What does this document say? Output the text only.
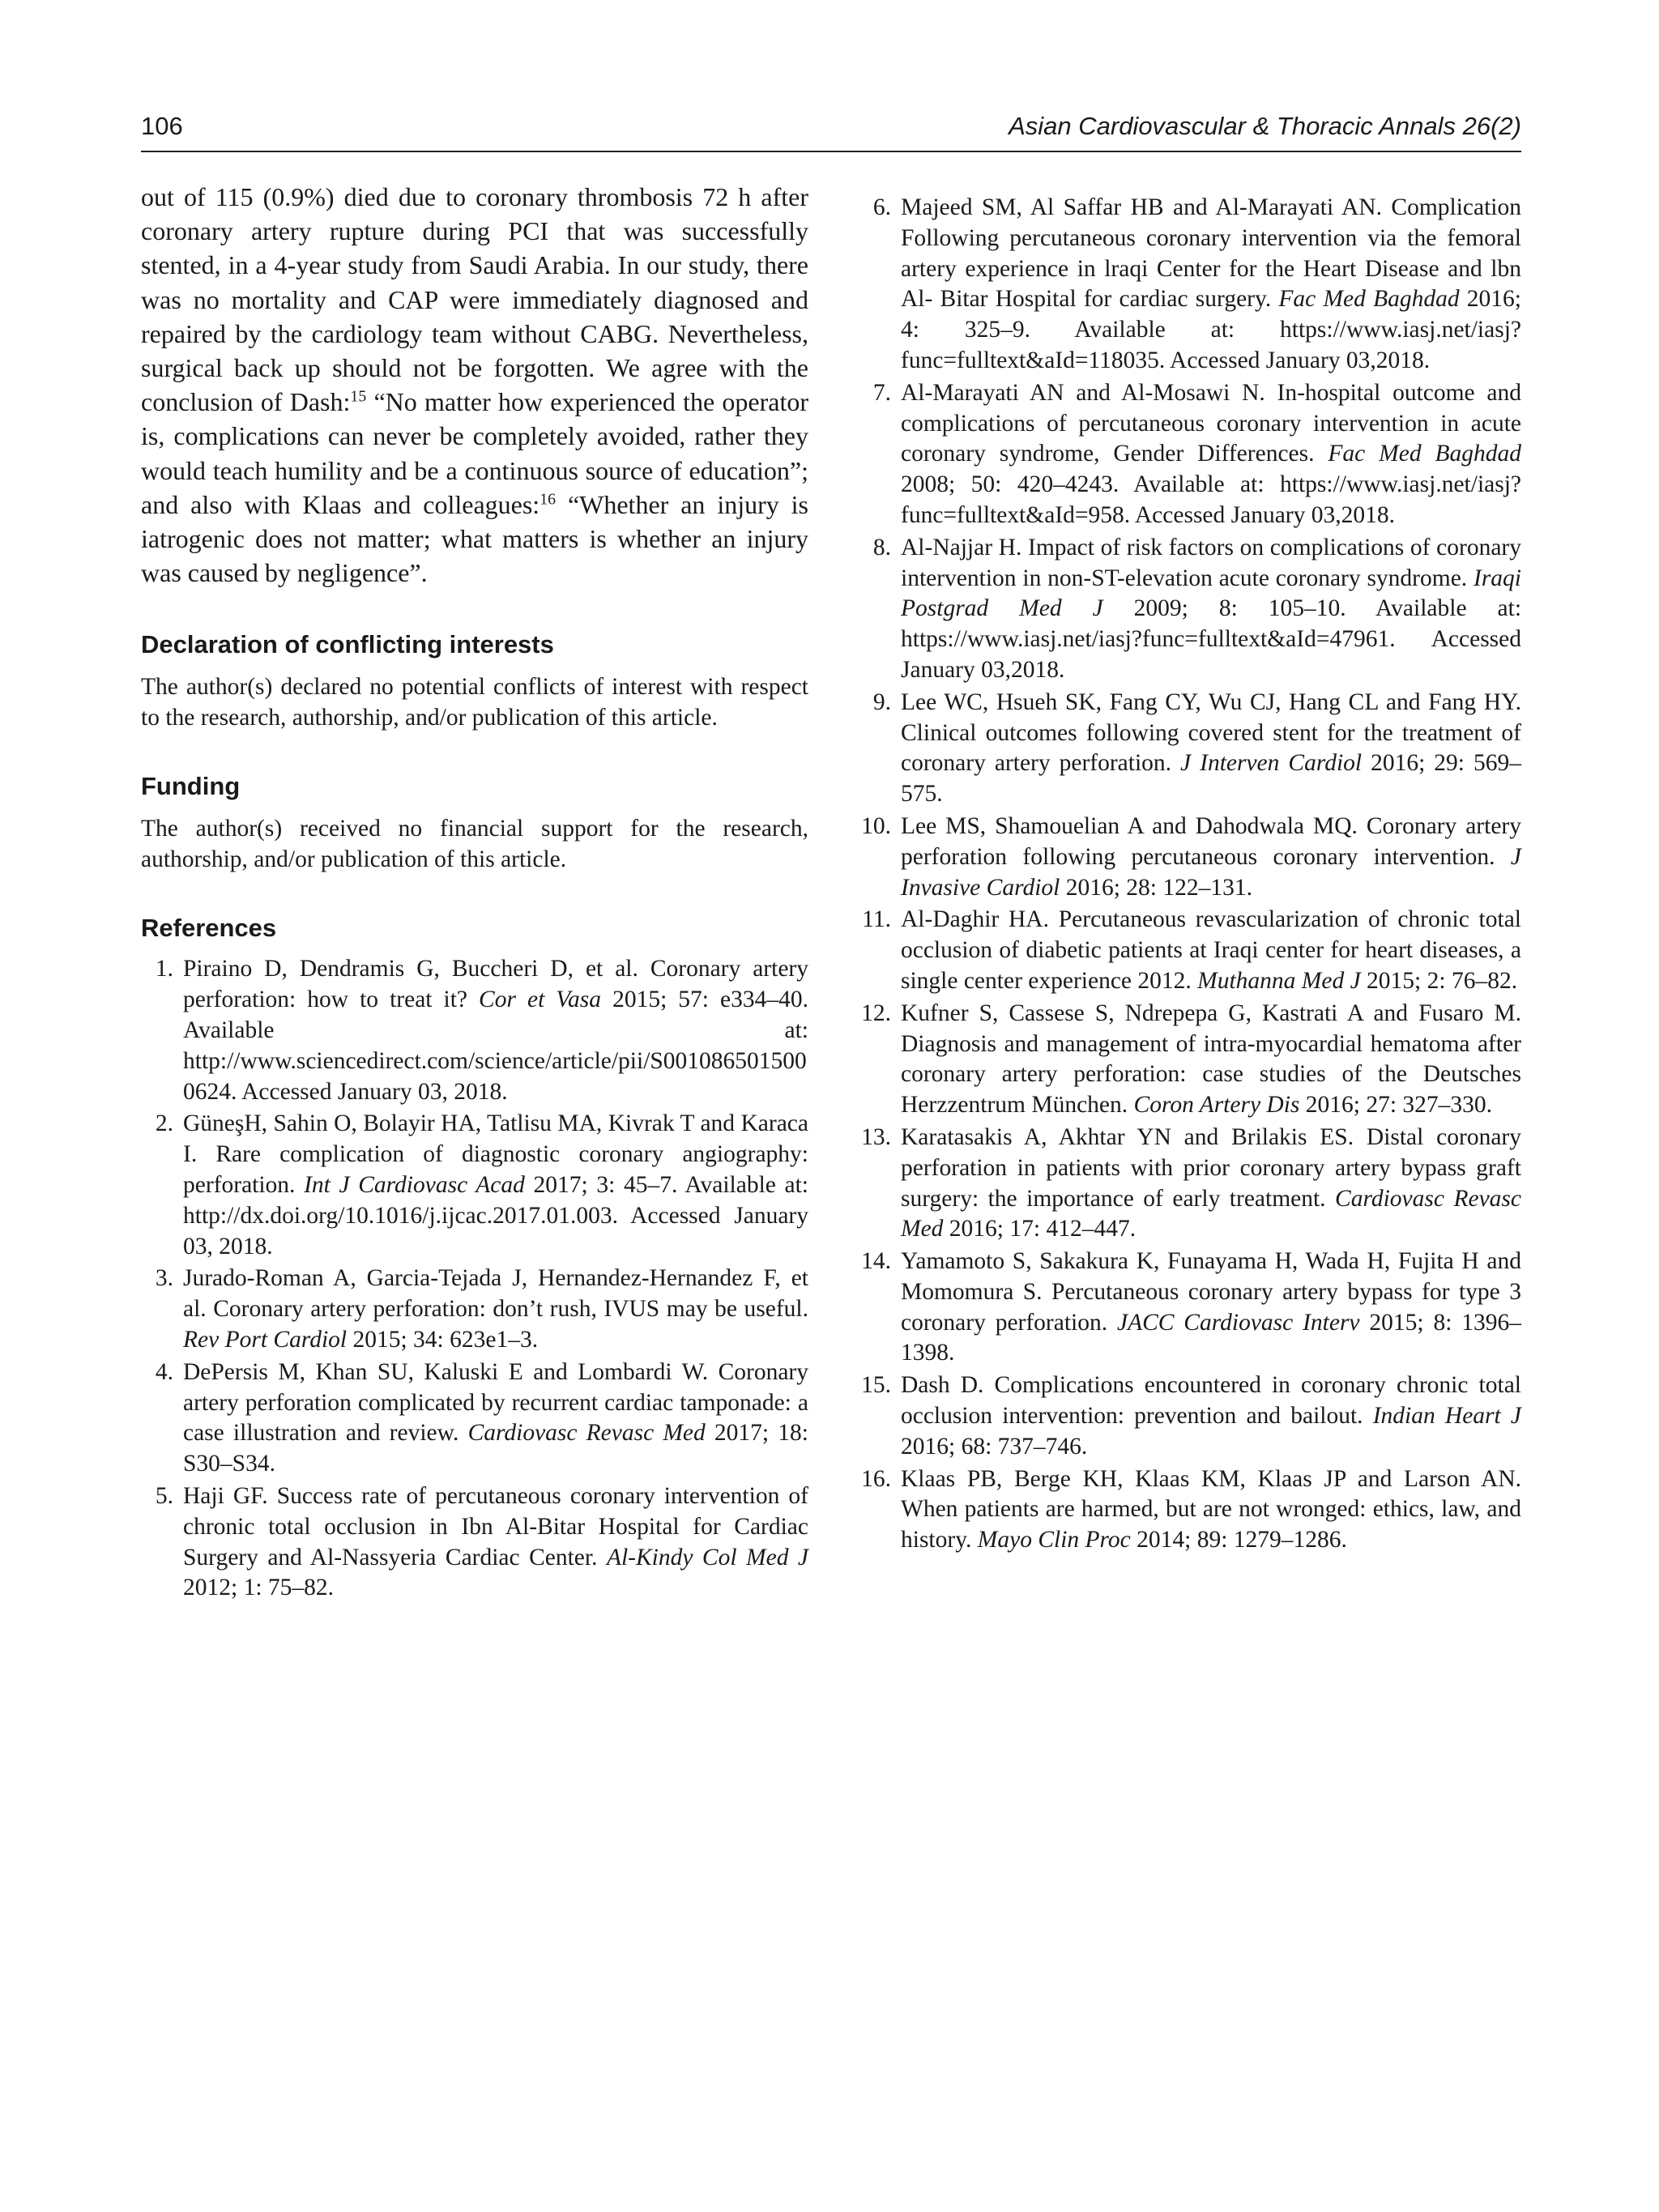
106	Asian Cardiovascular & Thoracic Annals 26(2)

out of 115 (0.9%) died due to coronary thrombosis 72 h after coronary artery rupture during PCI that was successfully stented, in a 4-year study from Saudi Arabia. In our study, there was no mortality and CAP were immediately diagnosed and repaired by the cardiology team without CABG. Nevertheless, surgical back up should not be forgotten. We agree with the conclusion of Dash:$^{15}$ “No matter how experienced the operator is, complications can never be completely avoided, rather they would teach humility and be a continuous source of education”; and also with Klaas and colleagues:$^{16}$ “Whether an injury is iatrogenic does not matter; what matters is whether an injury was caused by negligence”.

Declaration of conflicting interests

The author(s) declared no potential conflicts of interest with respect to the research, authorship, and/or publication of this article.

Funding

The author(s) received no financial support for the research, authorship, and/or publication of this article.

References
1. Piraino D, Dendramis G, Buccheri D, et al. Coronary artery perforation: how to treat it? Cor et Vasa 2015; 57: e334–40. Available at: http://www.sciencedirect.com/science/article/pii/S0010865015000624. Accessed January 03, 2018.
2. GüneşH, Sahin O, Bolayir HA, Tatlisu MA, Kivrak T and Karaca I. Rare complication of diagnostic coronary angiography: perforation. Int J Cardiovasc Acad 2017; 3: 45–7. Available at: http://dx.doi.org/10.1016/j.ijcac.2017.01.003. Accessed January 03, 2018.
3. Jurado-Roman A, Garcia-Tejada J, Hernandez-Hernandez F, et al. Coronary artery perforation: don’t rush, IVUS may be useful. Rev Port Cardiol 2015; 34: 623e1–3.
4. DePersis M, Khan SU, Kaluski E and Lombardi W. Coronary artery perforation complicated by recurrent cardiac tamponade: a case illustration and review. Cardiovasc Revasc Med 2017; 18: S30–S34.
5. Haji GF. Success rate of percutaneous coronary intervention of chronic total occlusion in Ibn Al-Bitar Hospital for Cardiac Surgery and Al-Nassyeria Cardiac Center. Al-Kindy Col Med J 2012; 1: 75–82.
6. Majeed SM, Al Saffar HB and Al-Marayati AN. Complication Following percutaneous coronary intervention via the femoral artery experience in lraqi Center for the Heart Disease and lbn Al- Bitar Hospital for cardiac surgery. Fac Med Baghdad 2016; 4: 325–9. Available at: https://www.iasj.net/iasj?func=fulltext&aId=118035. Accessed January 03,2018.
7. Al-Marayati AN and Al-Mosawi N. In-hospital outcome and complications of percutaneous coronary intervention in acute coronary syndrome, Gender Differences. Fac Med Baghdad 2008; 50: 420–4243. Available at: https://www.iasj.net/iasj?func=fulltext&aId=958. Accessed January 03,2018.
8. Al-Najjar H. Impact of risk factors on complications of coronary intervention in non-ST-elevation acute coronary syndrome. Iraqi Postgrad Med J 2009; 8: 105–10. Available at: https://www.iasj.net/iasj?func=fulltext&aId=47961. Accessed January 03,2018.
9. Lee WC, Hsueh SK, Fang CY, Wu CJ, Hang CL and Fang HY. Clinical outcomes following covered stent for the treatment of coronary artery perforation. J Interven Cardiol 2016; 29: 569–575.
10. Lee MS, Shamouelian A and Dahodwala MQ. Coronary artery perforation following percutaneous coronary intervention. J Invasive Cardiol 2016; 28: 122–131.
11. Al-Daghir HA. Percutaneous revascularization of chronic total occlusion of diabetic patients at Iraqi center for heart diseases, a single center experience 2012. Muthanna Med J 2015; 2: 76–82.
12. Kufner S, Cassese S, Ndrepepa G, Kastrati A and Fusaro M. Diagnosis and management of intra-myocardial hematoma after coronary artery perforation: case studies of the Deutsches Herzzentrum München. Coron Artery Dis 2016; 27: 327–330.
13. Karatasakis A, Akhtar YN and Brilakis ES. Distal coronary perforation in patients with prior coronary artery bypass graft surgery: the importance of early treatment. Cardiovasc Revasc Med 2016; 17: 412–447.
14. Yamamoto S, Sakakura K, Funayama H, Wada H, Fujita H and Momomura S. Percutaneous coronary artery bypass for type 3 coronary perforation. JACC Cardiovasc Interv 2015; 8: 1396–1398.
15. Dash D. Complications encountered in coronary chronic total occlusion intervention: prevention and bailout. Indian Heart J 2016; 68: 737–746.
16. Klaas PB, Berge KH, Klaas KM, Klaas JP and Larson AN. When patients are harmed, but are not wronged: ethics, law, and history. Mayo Clin Proc 2014; 89: 1279–1286.
